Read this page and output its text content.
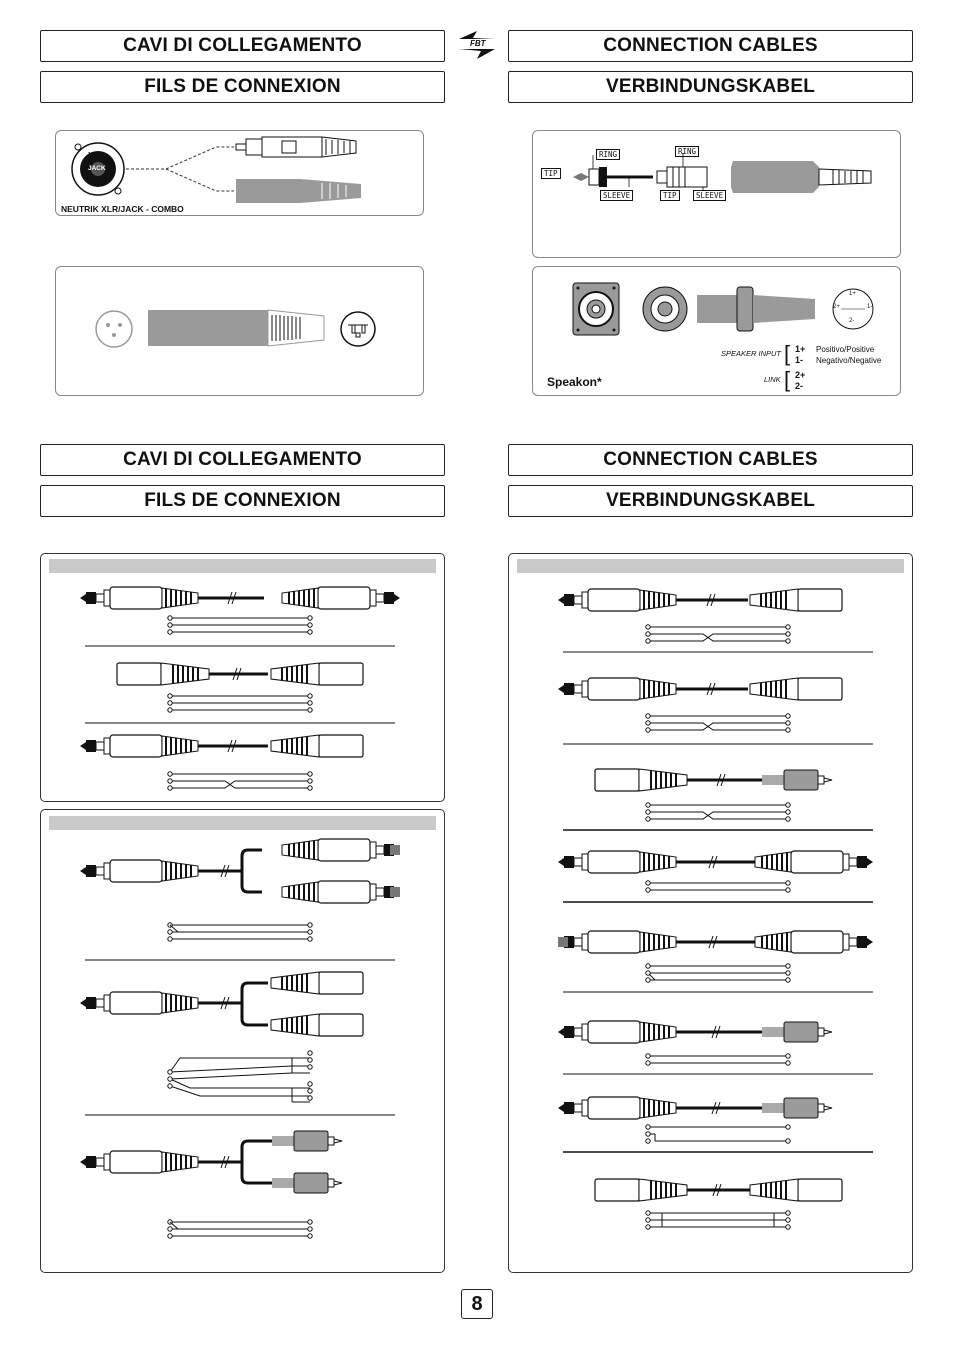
CAVI DI COLLEGAMENTO
FILS DE CONNEXION
CONNECTION CABLES
VERBINDUNGSKABEL
CAVI DI COLLEGAMENTO
FILS DE CONNEXION
CONNECTION CABLES
VERBINDUNGSKABEL
FBT
XLR
JACK
NEUTRIK XLR/JACK - COMBO
RING
TIP
SLEEVE
RING
TIP	SLEEVE
1+
1-
2+
2-
Speakon*
SPEAKER INPUT [ 1+
1-
Positivo/Positive
Negativo/Negative
LINK [ 2+
2-
8
